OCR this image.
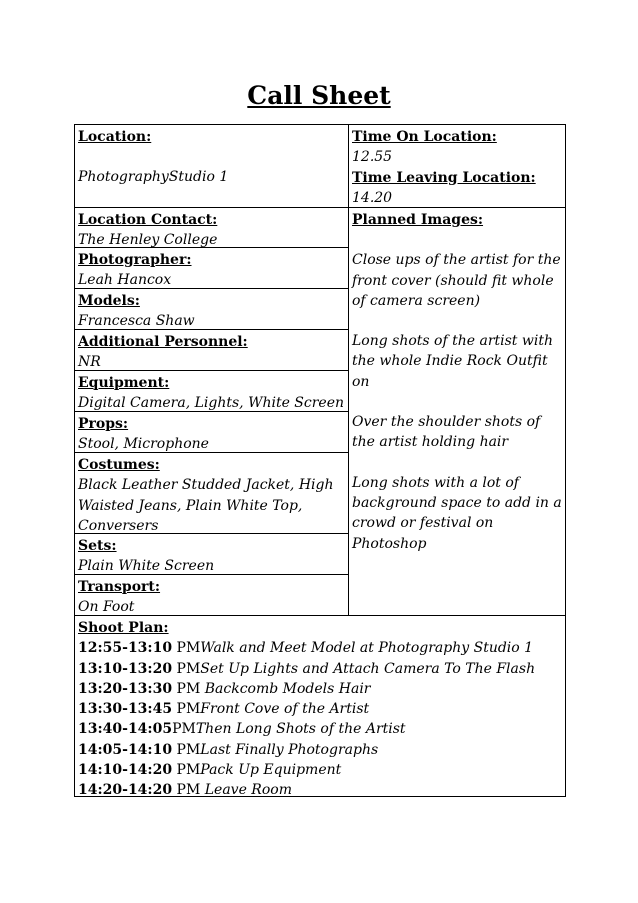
Call Sheet
Location:
PhotographyStudio 1
Time On Location:
12.55
Time Leaving Location:
14.20
Location Contact:
The Henley College
Photographer:
Leah Hancox
Models:
Francesca Shaw
Additional Personnel:
NR
Equipment:
Digital Camera, Lights, White Screen
Props:
Stool, Microphone
Costumes:
Black Leather Studded Jacket, High Waisted Jeans, Plain White Top, Conversers
Sets:
Plain White Screen
Transport:
On Foot
Planned Images:
Close ups of the artist for the front cover (should fit whole of camera screen)
Long shots of the artist with the whole Indie Rock Outfit on
Over the shoulder shots of the artist holding hair
Long shots with a lot of background space to add in a crowd or festival on Photoshop
Shoot Plan:
12:55-13:10 PMWalk and Meet Model at Photography Studio 1
13:10-13:20 PMSet Up Lights and Attach Camera To The Flash
13:20-13:30 PM Backcomb Models Hair
13:30-13:45 PMFront Cove of the Artist
13:40-14:05PMThen Long Shots of the Artist
14:05-14:10 PMLast Finally Photographs
14:10-14:20 PMPack Up Equipment
14:20-14:20 PM Leave Room
